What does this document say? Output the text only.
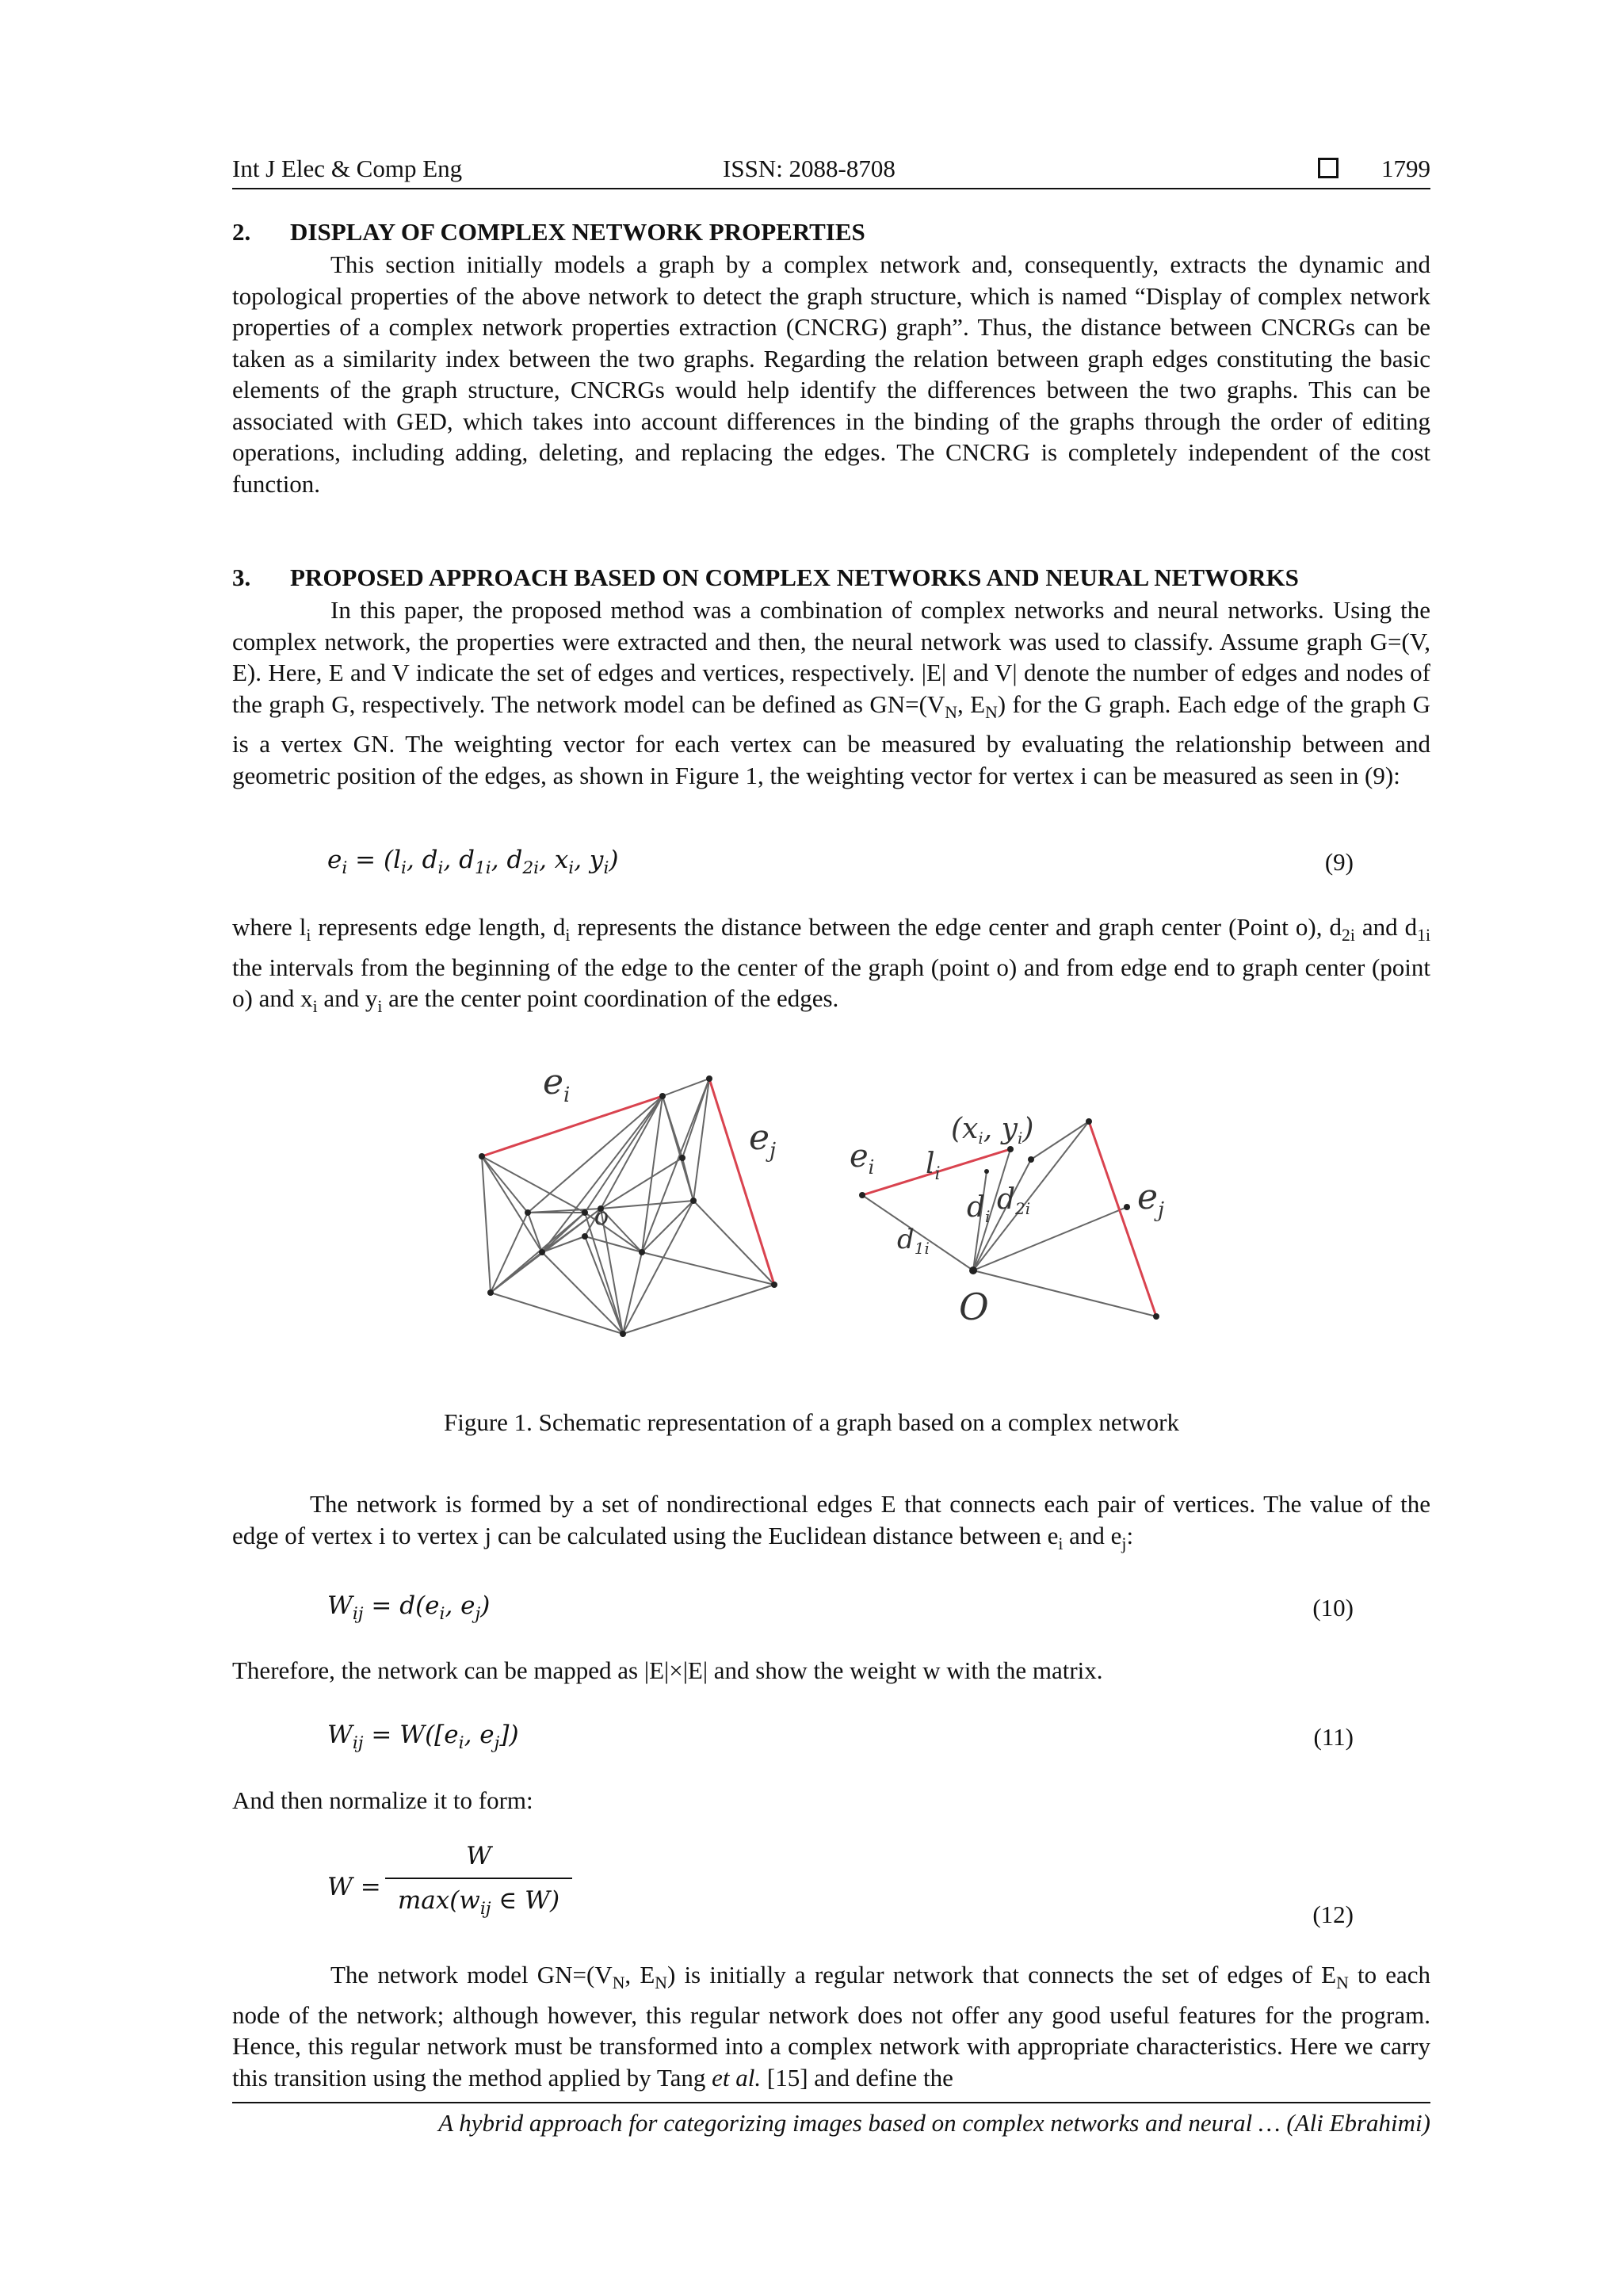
Int J Elec & Comp Eng	ISSN: 2088-8708	1799
2. DISPLAY OF COMPLEX NETWORK PROPERTIES

This section initially models a graph by a complex network and, consequently, extracts the dynamic and topological properties of the above network to detect the graph structure, which is named “Display of complex network properties of a complex network properties extraction (CNCRG) graph”. Thus, the distance between CNCRGs can be taken as a similarity index between the two graphs. Regarding the relation between graph edges constituting the basic elements of the graph structure, CNCRGs would help identify the differences between the two graphs. This can be associated with GED, which takes into account differences in the binding of the graphs through the order of editing operations, including adding, deleting, and replacing the edges. The CNCRG is completely independent of the cost function.

3. PROPOSED APPROACH BASED ON COMPLEX NETWORKS AND NEURAL NETWORKS

In this paper, the proposed method was a combination of complex networks and neural networks. Using the complex network, the properties were extracted and then, the neural network was used to classify. Assume graph G=(V, E). Here, E and V indicate the set of edges and vertices, respectively. |E| and V| denote the number of edges and nodes of the graph G, respectively. The network model can be defined as $GN=(V_N$, $E_N$) for the G graph. Each edge of the graph G is a vertex GN. The weighting vector for each vertex can be measured by evaluating the relationship between and geometric position of the edges, as shown in Figure 1, the weighting vector for vertex i can be measured as seen in (9):

$e_i = (l_i$, $d_i$, $d_{1i}$, $d_{2i}$, $x_i$, $y_i$)	(9)

where $l_i$ represents edge length, $d_i$ represents the distance between the edge center and graph center (Point o), $d_{2i}$ and $d_{1i}$ the intervals from the beginning of the edge to the center of the graph (point o) and from edge end to graph center (point o) and $x_i$ and $y_i$ are the center point coordination of the edges.

$e_i$
$e_j$
o
$e_i$ $l_i$
(xi, yi)
di
d2i
$d_{1i}$
$e_j$
O
Figure 1. Schematic representation of a graph based on a complex network

The network is formed by a set of nondirectional edges E that connects each pair of vertices. The value of the edge of vertex i to vertex j can be calculated using the Euclidean distance between $e_i$ and $e_j$:

$W_{ij} = d(e_i$, $e_j$)	(10)
Therefore, the network can be mapped as |E|×|E| and show the weight w with the matrix.
$W_{ij} = W([e_i$, $e_j$])	(11)
And then normalize it to form:
W =
W
$\max(w_{ij}$ ∈ W)	(12)

The network model $GN=(V_N$, $E_N$) is initially a regular network that connects the set of edges of $E_N$ to each node of the network; although however, this regular network does not offer any good useful features for the program. Hence, this regular network must be transformed into a complex network with appropriate characteristics. Here we carry this transition using the method applied by Tang et al. [15] and define the

A hybrid approach for categorizing images based on complex networks and neural … (Ali Ebrahimi)
